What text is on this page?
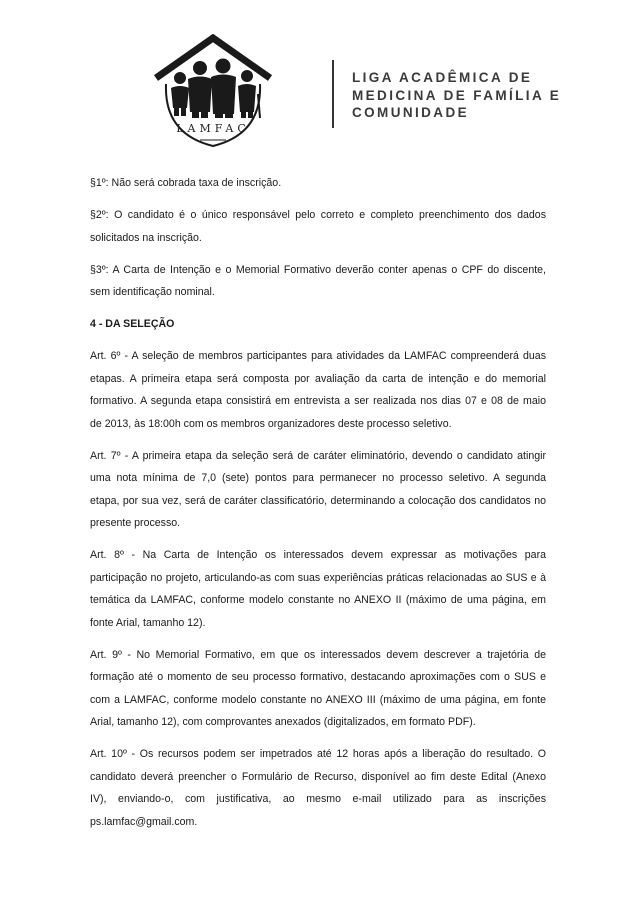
LAMFAC
LIGA ACADÊMICA DE
MEDICINA DE FAMÍLIA E
COMUNIDADE
§1º: Não será cobrada taxa de inscrição.
§2º: O candidato é o único responsável pelo correto e completo preenchimento dos dados
solicitados na inscrição.
§3º: A Carta de Intenção e o Memorial Formativo deverão conter apenas o CPF do discente,
sem identificação nominal.
4 - DA SELEÇÃO
Art. 6º - A seleção de membros participantes para atividades da LAMFAC compreenderá duas
etapas. A primeira etapa será composta por avaliação da carta de intenção e do memorial
formativo. A segunda etapa consistirá em entrevista a ser realizada nos dias 07 e 08 de maio
de 2013, às 18:00h com os membros organizadores deste processo seletivo.
Art. 7º - A primeira etapa da seleção será de caráter eliminatório, devendo o candidato atingir
uma nota mínima de 7,0 (sete) pontos para permanecer no processo seletivo. A segunda
etapa, por sua vez, será de caráter classificatório, determinando a colocação dos candidatos no
presente processo.
Art. 8º - Na Carta de Intenção os interessados devem expressar as motivações para
participação no projeto, articulando-as com suas experiências práticas relacionadas ao SUS e à
temática da LAMFAC, conforme modelo constante no ANEXO II (máximo de uma página, em
fonte Arial, tamanho 12).
Art. 9º - No Memorial Formativo, em que os interessados devem descrever a trajetória de
formação até o momento de seu processo formativo, destacando aproximações com o SUS e
com a LAMFAC, conforme modelo constante no ANEXO III (máximo de uma página, em fonte
Arial, tamanho 12), com comprovantes anexados (digitalizados, em formato PDF).
Art. 10º - Os recursos podem ser impetrados até 12 horas após a liberação do resultado. O
candidato deverá preencher o Formulário de Recurso, disponível ao fim deste Edital (Anexo
IV), enviando-o, com justificativa, ao mesmo e-mail utilizado para as inscrições
ps.lamfac@gmail.com.
